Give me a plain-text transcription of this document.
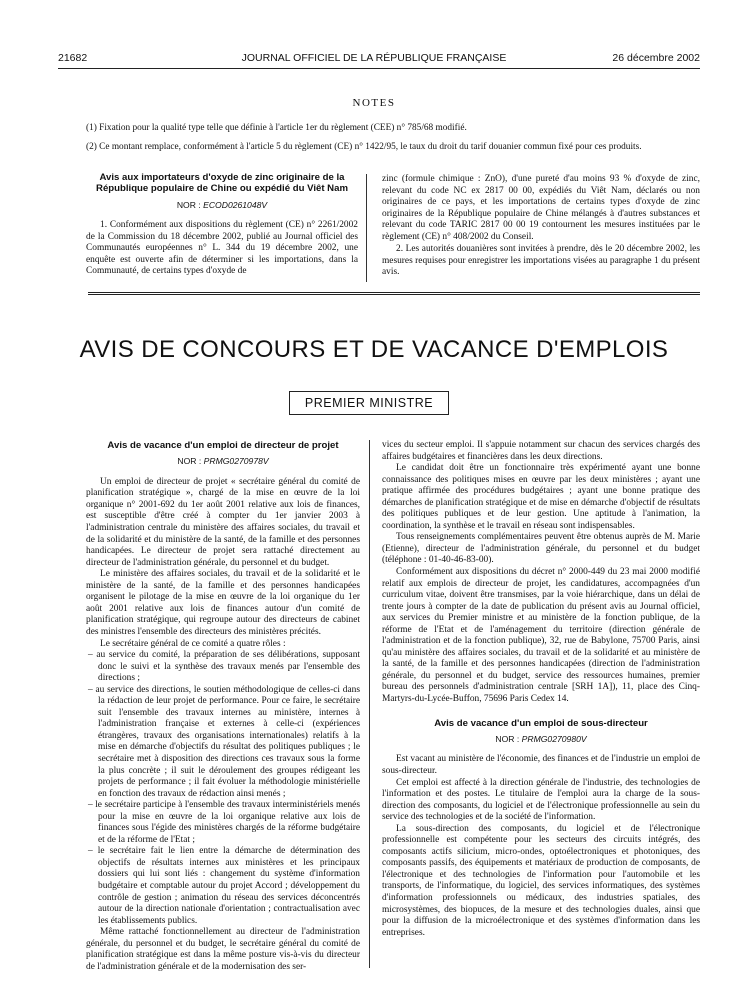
21682	JOURNAL OFFICIEL DE LA RÉPUBLIQUE FRANÇAISE	26 décembre 2002
NOTES
(1) Fixation pour la qualité type telle que définie à l'article 1er du règlement (CEE) n° 785/68 modifié.
(2) Ce montant remplace, conformément à l'article 5 du règlement (CE) n° 1422/95, le taux du droit du tarif douanier commun fixé pour ces produits.
Avis aux importateurs d'oxyde de zinc originaire de la République populaire de Chine ou expédié du Viêt Nam
NOR : ECOD0261048V

1. Conformément aux dispositions du règlement (CE) n° 2261/2002 de la Commission du 18 décembre 2002, publié au Journal officiel des Communautés européennes n° L. 344 du 19 décembre 2002, une enquête est ouverte afin de déterminer si les importations, dans la Communauté, de certains types d'oxyde de

zinc (formule chimique : ZnO), d'une pureté d'au moins 93 % d'oxyde de zinc, relevant du code NC ex 2817 00 00, expédiés du Viêt Nam, déclarés ou non originaires de ce pays, et les importations de certains types d'oxyde de zinc originaires de la République populaire de Chine mélangés à d'autres substances et relevant du code TARIC 2817 00 00 19 contournent les mesures instituées par le règlement (CE) n° 408/2002 du Conseil.

2. Les autorités douanières sont invitées à prendre, dès le 20 décembre 2002, les mesures requises pour enregistrer les importations visées au paragraphe 1 du présent avis.

AVIS DE CONCOURS ET DE VACANCE D'EMPLOIS
PREMIER MINISTRE
Avis de vacance d'un emploi de directeur de projet
NOR : PRMG0270978V

Un emploi de directeur de projet « secrétaire général du comité de planification stratégique », chargé de la mise en œuvre de la loi organique n° 2001-692 du 1er août 2001 relative aux lois de finances, est susceptible d'être créé à compter du 1er janvier 2003 à l'administration centrale du ministère des affaires sociales, du travail et de la solidarité et du ministère de la santé, de la famille et des personnes handicapées. Le directeur de projet sera rattaché directement au directeur de l'administration générale, du personnel et du budget.

Le ministère des affaires sociales, du travail et de la solidarité et le ministère de la santé, de la famille et des personnes handicapées organisent le pilotage de la mise en œuvre de la loi organique du 1er août 2001 relative aux lois de finances autour d'un comité de planification stratégique, qui regroupe autour des directeurs de cabinet des ministres l'ensemble des directeurs des ministères précités.

Le secrétaire général de ce comité a quatre rôles :

– au service du comité, la préparation de ses délibérations, supposant donc le suivi et la synthèse des travaux menés par l'ensemble des directions ;

– au service des directions, le soutien méthodologique de celles-ci dans la rédaction de leur projet de performance. Pour ce faire, le secrétaire suit l'ensemble des travaux internes au ministère, internes à l'administration française et externes à celle-ci (expériences étrangères, travaux des organisations internationales) relatifs à la mise en démarche d'objectifs du résultat des politiques publiques ; le secrétaire met à disposition des directions ces travaux sous la forme la plus concrète ; il suit le déroulement des groupes rédigeant les projets de performance ; il fait évoluer la méthodologie ministérielle en fonction des travaux de rédaction ainsi menés ;

– le secrétaire participe à l'ensemble des travaux interministériels menés pour la mise en œuvre de la loi organique relative aux lois de finances sous l'égide des ministères chargés de la réforme budgétaire et de la réforme de l'Etat ;

– le secrétaire fait le lien entre la démarche de détermination des objectifs de résultats internes aux ministères et les principaux dossiers qui lui sont liés : changement du système d'information budgétaire et comptable autour du projet Accord ; développement du contrôle de gestion ; animation du réseau des services déconcentrés autour de la direction nationale d'orientation ; contractualisation avec les établissements publics.

Même rattaché fonctionnellement au directeur de l'administration générale, du personnel et du budget, le secrétaire général du comité de planification stratégique est dans la même posture vis-à-vis du directeur de l'administration générale et de la modernisation des ser-

vices du secteur emploi. Il s'appuie notamment sur chacun des services chargés des affaires budgétaires et financières dans les deux directions.

Le candidat doit être un fonctionnaire très expérimenté ayant une bonne connaissance des politiques mises en œuvre par les deux ministères ; ayant une pratique affirmée des procédures budgétaires ; ayant une bonne pratique des démarches de planification stratégique et de mise en démarche d'objectif de résultats des politiques publiques et de leur gestion. Une aptitude à l'animation, la coordination, la synthèse et le travail en réseau sont indispensables.

Tous renseignements complémentaires peuvent être obtenus auprès de M. Marie (Etienne), directeur de l'administration générale, du personnel et du budget (téléphone : 01-40-46-83-00).

Conformément aux dispositions du décret n° 2000-449 du 23 mai 2000 modifié relatif aux emplois de directeur de projet, les candidatures, accompagnées d'un curriculum vitae, doivent être transmises, par la voie hiérarchique, dans un délai de trente jours à compter de la date de publication du présent avis au Journal officiel, aux services du Premier ministre et au ministère de la fonction publique, de la réforme de l'Etat et de l'aménagement du territoire (direction générale de l'administration et de la fonction publique), 32, rue de Babylone, 75700 Paris, ainsi qu'au ministère des affaires sociales, du travail et de la solidarité et au ministère de la santé, de la famille et des personnes handicapées (direction de l'administration générale, du personnel et du budget, service des ressources humaines, premier bureau des personnels d'administration centrale [SRH 1A]), 11, place des Cinq-Martyrs-du-Lycée-Buffon, 75696 Paris Cedex 14.

Avis de vacance d'un emploi de sous-directeur
NOR : PRMG0270980V

Est vacant au ministère de l'économie, des finances et de l'industrie un emploi de sous-directeur.

Cet emploi est affecté à la direction générale de l'industrie, des technologies de l'information et des postes. Le titulaire de l'emploi aura la charge de la sous-direction des composants, du logiciel et de l'électronique professionnelle au sein du service des technologies et de la société de l'information.

La sous-direction des composants, du logiciel et de l'électronique professionnelle est compétente pour les secteurs des circuits intégrés, des composants actifs silicium, micro-ondes, optoélectroniques et photoniques, des composants passifs, des équipements et matériaux de production de composants, de l'électronique et des technologies de l'information pour l'automobile et les transports, de l'informatique, du logiciel, des services informatiques, des systèmes d'information professionnels ou médicaux, des industries spatiales, des microsystèmes, des biopuces, de la mesure et des technologies duales, ainsi que pour la diffusion de la microélectronique et des systèmes d'information dans les entreprises.
